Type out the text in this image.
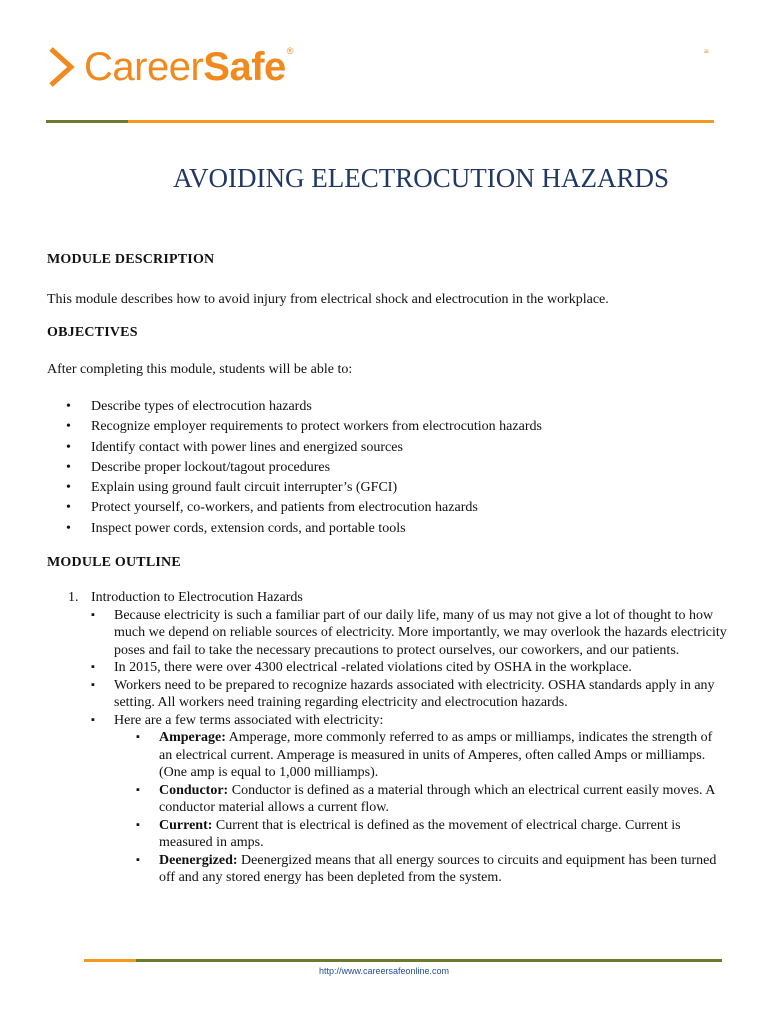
CareerSafe®	≡
AVOIDING ELECTROCUTION HAZARDS
MODULE DESCRIPTION

This module describes how to avoid injury from electrical shock and electrocution in the workplace.

OBJECTIVES

After completing this module, students will be able to:

• Describe types of electrocution hazards
• Recognize employer requirements to protect workers from electrocution hazards
• Identify contact with power lines and energized sources
• Describe proper lockout/tagout procedures
• Explain using ground fault circuit interrupter’s (GFCI)
• Protect yourself, co-workers, and patients from electrocution hazards
• Inspect power cords, extension cords, and portable tools
MODULE OUTLINE
1. Introduction to Electrocution Hazards
▪ Because electricity is such a familiar part of our daily life, many of us may not give a lot of thought to how much we depend on reliable sources of electricity. More importantly, we may overlook the hazards electricity poses and fail to take the necessary precautions to protect ourselves, our coworkers, and our patients.
▪ In 2015, there were over 4300 electrical -related violations cited by OSHA in the workplace.
▪ Workers need to be prepared to recognize hazards associated with electricity. OSHA standards apply in any setting. All workers need training regarding electricity and electrocution hazards.
▪ Here are a few terms associated with electricity:
▪ Amperage: Amperage, more commonly referred to as amps or milliamps, indicates the strength of an electrical current. Amperage is measured in units of Amperes, often called Amps or milliamps. (One amp is equal to 1,000 milliamps).
▪ Conductor: Conductor is defined as a material through which an electrical current easily moves. A conductor material allows a current flow.
▪ Current: Current that is electrical is defined as the movement of electrical charge. Current is measured in amps.
▪ Deenergized: Deenergized means that all energy sources to circuits and equipment has been turned off and any stored energy has been depleted from the system.
http://www.careersafeonline.com
